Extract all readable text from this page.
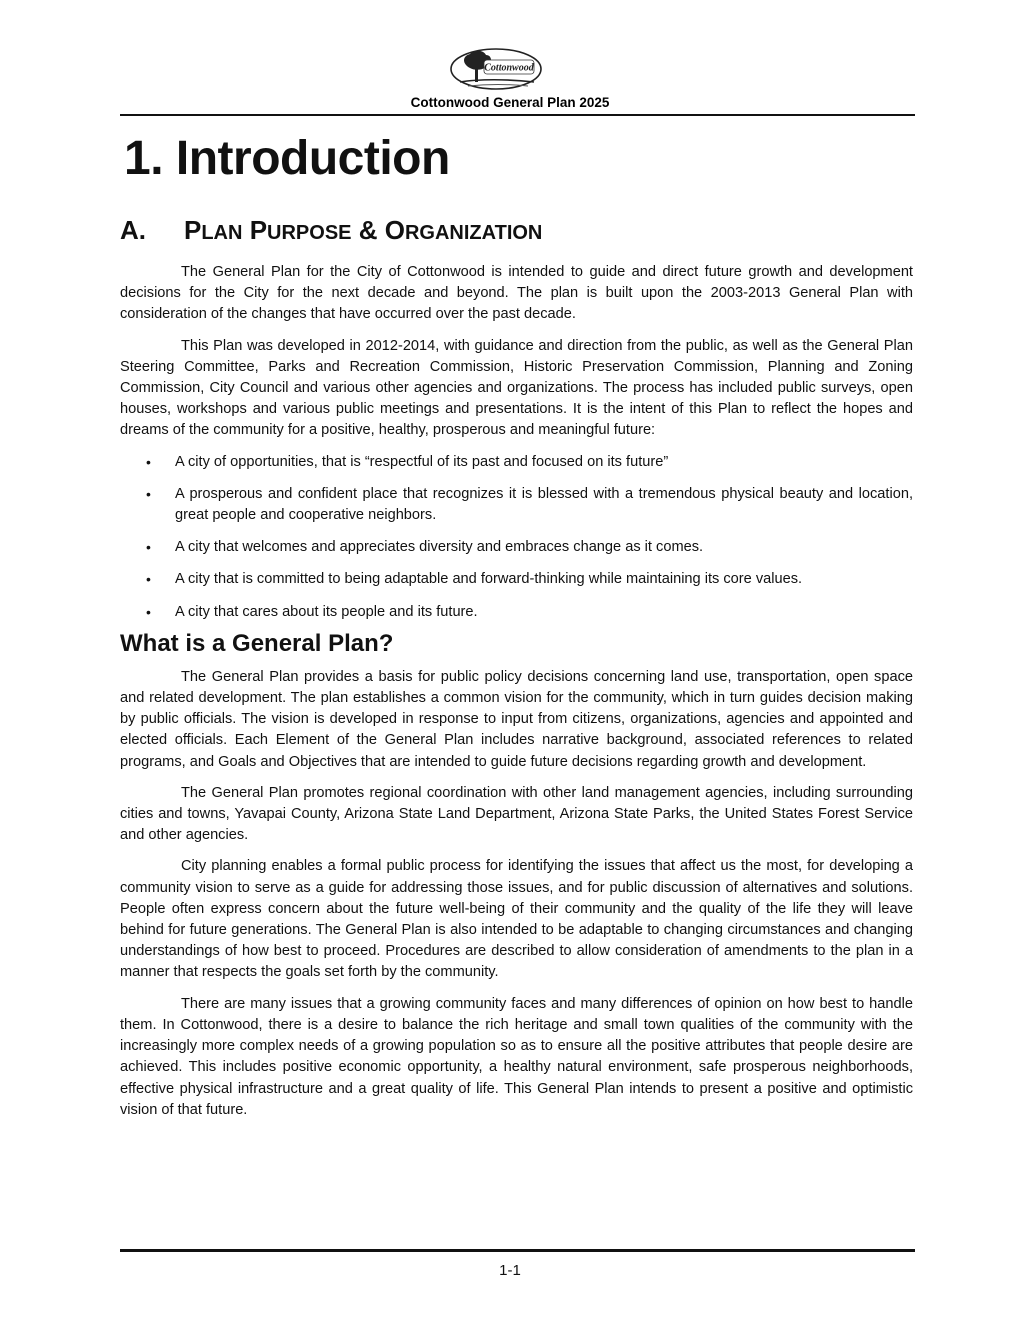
Cottonwood
Cottonwood General Plan 2025
1. Introduction
A. PLAN PURPOSE & ORGANIZATION

The General Plan for the City of Cottonwood is intended to guide and direct future growth and development decisions for the City for the next decade and beyond. The plan is built upon the 2003-2013 General Plan with consideration of the changes that have occurred over the past decade.

This Plan was developed in 2012-2014, with guidance and direction from the public, as well as the General Plan Steering Committee, Parks and Recreation Commission, Historic Preservation Commission, Planning and Zoning Commission, City Council and various other agencies and organizations. The process has included public surveys, open houses, workshops and various public meetings and presentations. It is the intent of this Plan to reflect the hopes and dreams of the community for a positive, healthy, prosperous and meaningful future:

• A city of opportunities, that is “respectful of its past and focused on its future”
• A prosperous and confident place that recognizes it is blessed with a tremendous physical beauty and location, great people and cooperative neighbors.
• A city that welcomes and appreciates diversity and embraces change as it comes.
• A city that is committed to being adaptable and forward-thinking while maintaining its core values.
• A city that cares about its people and its future.
What is a General Plan?

The General Plan provides a basis for public policy decisions concerning land use, transportation, open space and related development. The plan establishes a common vision for the community, which in turn guides decision making by public officials. The vision is developed in response to input from citizens, organizations, agencies and appointed and elected officials. Each Element of the General Plan includes narrative background, associated references to related programs, and Goals and Objectives that are intended to guide future decisions regarding growth and development.

The General Plan promotes regional coordination with other land management agencies, including surrounding cities and towns, Yavapai County, Arizona State Land Department, Arizona State Parks, the United States Forest Service and other agencies.

City planning enables a formal public process for identifying the issues that affect us the most, for developing a community vision to serve as a guide for addressing those issues, and for public discussion of alternatives and solutions. People often express concern about the future well-being of their community and the quality of the life they will leave behind for future generations. The General Plan is also intended to be adaptable to changing circumstances and changing understandings of how best to proceed. Procedures are described to allow consideration of amendments to the plan in a manner that respects the goals set forth by the community.

There are many issues that a growing community faces and many differences of opinion on how best to handle them. In Cottonwood, there is a desire to balance the rich heritage and small town qualities of the community with the increasingly more complex needs of a growing population so as to ensure all the positive attributes that people desire are achieved. This includes positive economic opportunity, a healthy natural environment, safe prosperous neighborhoods, effective physical infrastructure and a great quality of life. This General Plan intends to present a positive and optimistic vision of that future.

1-1
